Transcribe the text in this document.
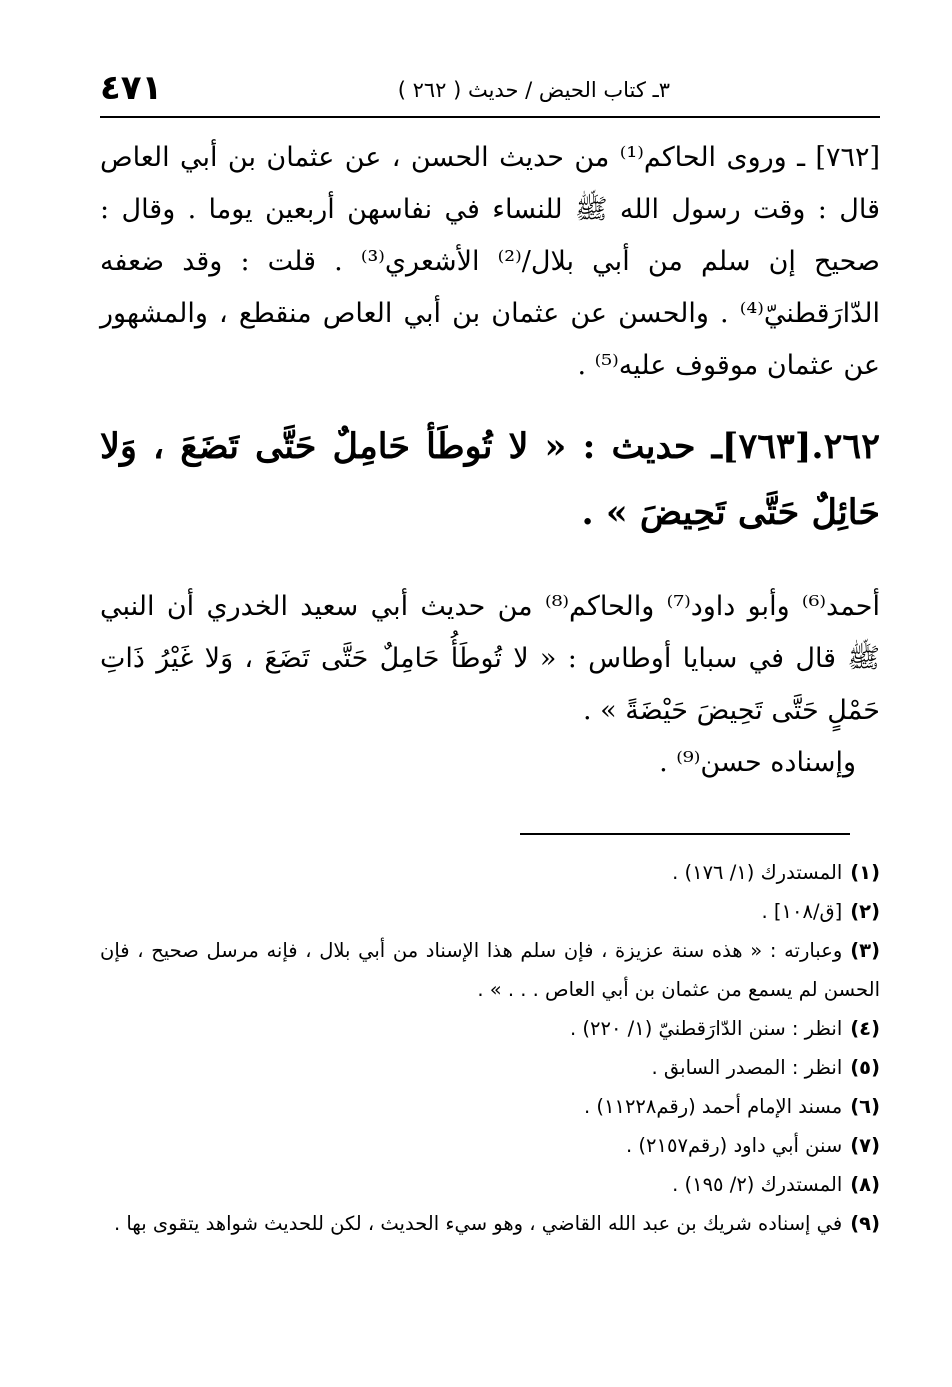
٤٧١	٣ـ كتاب الحيض / حديث ( ٢٦٢ )

[٧٦٢] ـ وروى الحاكم⁽¹⁾ من حديث الحسن ، عن عثمان بن أبي العاص قال : وقت رسول الله ﷺ للنساء في نفاسهن أربعين يوما . وقال : صحيح إن سلم من أبي بلال/⁽²⁾ الأشعري⁽³⁾ . قلت : وقد ضعفه الدّارَقطنيّ⁽⁴⁾ . والحسن عن عثمان بن أبي العاص منقطع ، والمشهور عن عثمان موقوف عليه⁽⁵⁾ .

٢٦٢.[٧٦٣]ـ حديث : « لا تُوطَأ حَامِلٌ حَتَّى تَضَعَ ، وَلا حَائِلٌ حَتَّى تَحِيضَ » .

أحمد⁽⁶⁾ وأبو داود⁽⁷⁾ والحاكم⁽⁸⁾ من حديث أبي سعيد الخدري أن النبي ﷺ قال في سبايا أوطاس : « لا تُوطَأُ حَامِلٌ حَتَّى تَضَعَ ، وَلا غَيْرُ ذَاتِ حَمْلٍ حَتَّى تَحِيضَ حَيْضَةً » .

وإسناده حسن⁽⁹⁾ .

(١)المستدرك (١/ ١٧٦) .

(٢)[ق/١٠٨] .

(٣)وعبارته : « هذه سنة عزيزة ، فإن سلم هذا الإسناد من أبي بلال ، فإنه مرسل صحيح ، فإن الحسن لم يسمع من عثمان بن أبي العاص . . . » .

(٤)انظر : سنن الدّارَقطنيّ (١/ ٢٢٠) .

(٥)انظر : المصدر السابق .

(٦)مسند الإمام أحمد (رقم١١٢٢٨) .

(٧)سنن أبي داود (رقم٢١٥٧) .

(٨)المستدرك (٢/ ١٩٥) .

(٩)في إسناده شريك بن عبد الله القاضي ، وهو سيء الحديث ، لكن للحديث شواهد يتقوى بها .
